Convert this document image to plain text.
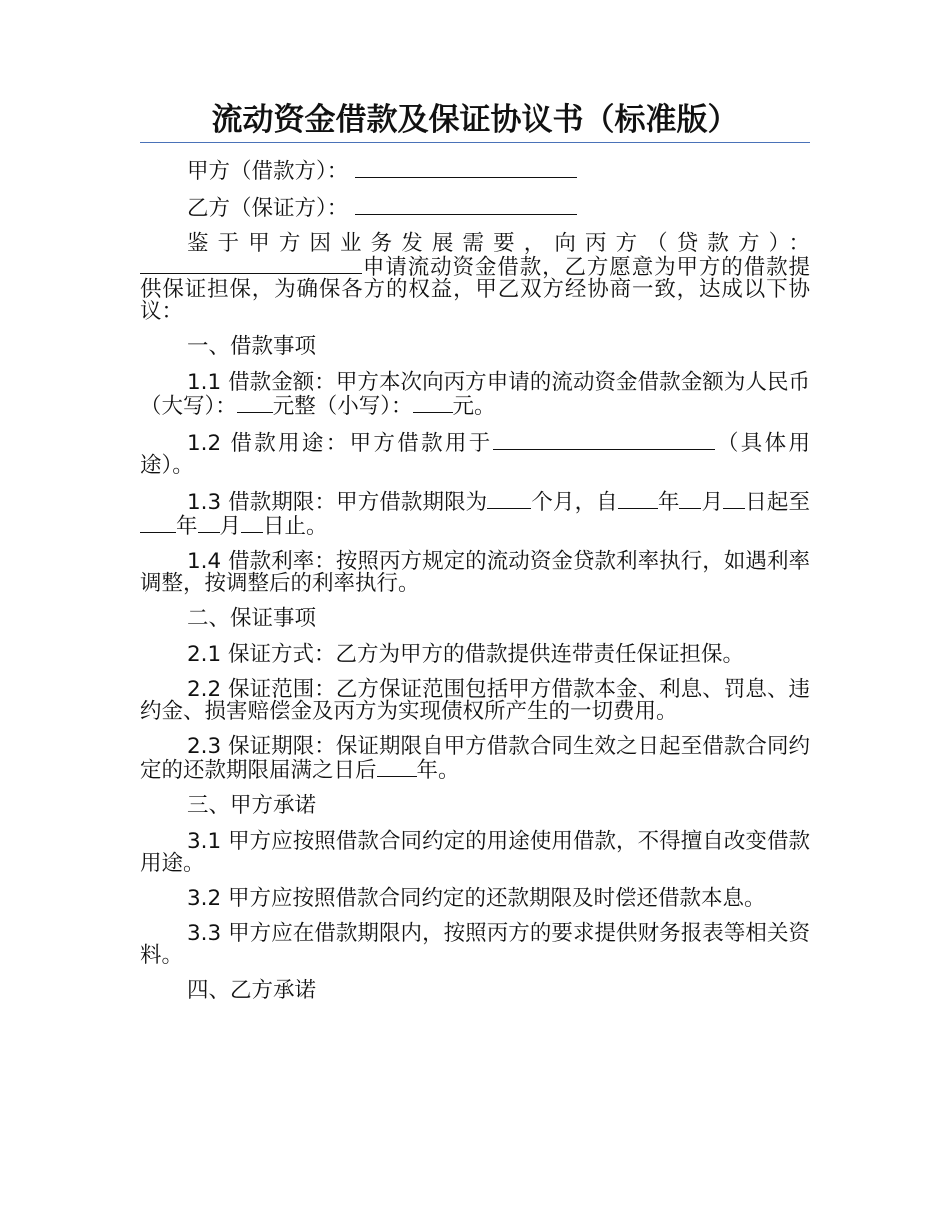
流动资金借款及保证协议书（标准版）

甲方（借款方）：

乙方（保证方）：

鉴于甲方因业务发展需要，向丙方（贷款方）：申请流动资金借款，乙方愿意为甲方的借款提供保证担保，为确保各方的权益，甲乙双方经协商一致，达成以下协议：

一、借款事项

1.1 借款金额：甲方本次向丙方申请的流动资金借款金额为人民币（大写）： 元整（小写）： 元。

1.2 借款用途：甲方借款用于	（具体用途）。

1.3 借款期限：甲方借款期限为 个月，自 年 月 日起至年 月 日止。

1.4 借款利率：按照丙方规定的流动资金贷款利率执行，如遇利率调整，按调整后的利率执行。

二、保证事项

2.1 保证方式：乙方为甲方的借款提供连带责任保证担保。

2.2 保证范围：乙方保证范围包括甲方借款本金、利息、罚息、违约金、损害赔偿金及丙方为实现债权所产生的一切费用。

2.3 保证期限：保证期限自甲方借款合同生效之日起至借款合同约定的还款期限届满之日后 年。

三、甲方承诺

3.1 甲方应按照借款合同约定的用途使用借款，不得擅自改变借款用途。

3.2 甲方应按照借款合同约定的还款期限及时偿还借款本息。

3.3 甲方应在借款期限内，按照丙方的要求提供财务报表等相关资料。

四、乙方承诺
